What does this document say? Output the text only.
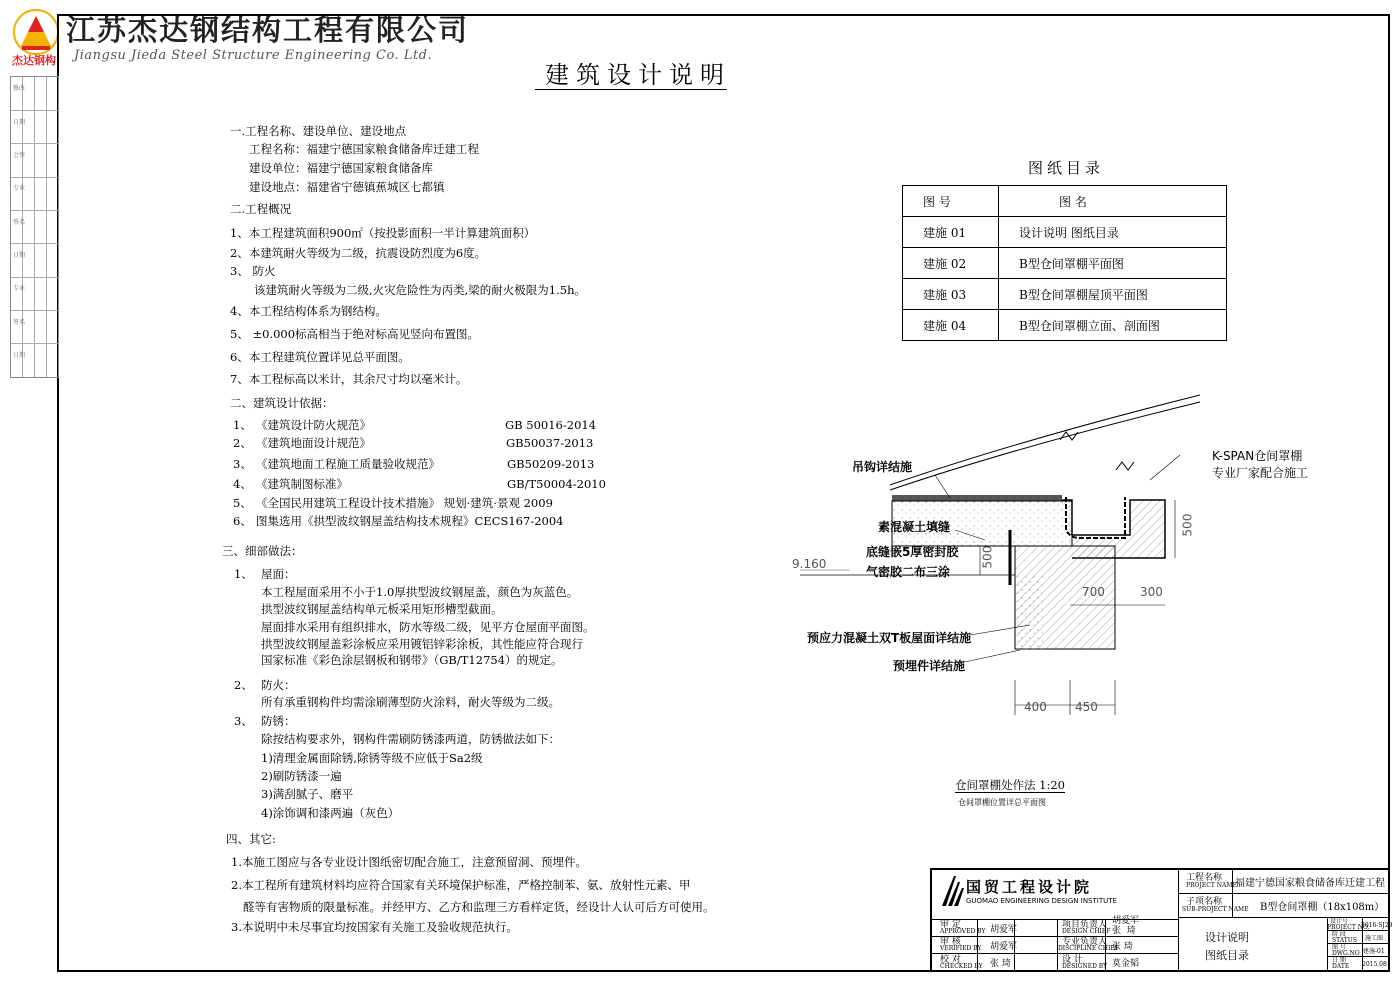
杰达钢构
江苏杰达钢结构工程有限公司
Jiangsu Jieda Steel Structure Engineering Co. Ltd.
修改
日期
会签
专业
签名
日期
专业
签名
日期
建筑设计说明
一.工程名称、建设单位、建设地点
工程名称：福建宁德国家粮食储备库迁建工程
建设单位：福建宁德国家粮食储备库
建设地点：福建省宁德镇蕉城区七都镇
二.工程概况
1、本工程建筑面积900㎡（按投影面积一半计算建筑面积）
2、本建筑耐火等级为二级，抗震设防烈度为6度。
3、 防火
该建筑耐火等级为二级,火灾危险性为丙类,梁的耐火极限为1.5h。
4、本工程结构体系为钢结构。
5、 ±0.000标高相当于绝对标高见竖向布置图。
6、本工程建筑位置详见总平面图。
7、本工程标高以米计，其余尺寸均以毫米计。
二、建筑设计依据：
1、 《建筑设计防火规范》	GB 50016-2014
2、 《建筑地面设计规范》	GB50037-2013
3、 《建筑地面工程施工质量验收规范》	GB50209-2013
4、 《建筑制图标准》	GB/T50004-2010
5、 《全国民用建筑工程设计技术措施》 规划·建筑·景观 2009
6、 图集选用《拱型波纹钢屋盖结构技术规程》CECS167-2004
三、细部做法：
1、 屋面：
本工程屋面采用不小于1.0厚拱型波纹钢屋盖，颜色为灰蓝色。
拱型波纹钢屋盖结构单元板采用矩形槽型截面。
屋面排水采用有组织排水，防水等级二级，见平方仓屋面平面图。
拱型波纹钢屋盖彩涂板应采用镀铝锌彩涂板，其性能应符合现行
国家标准《彩色涂层钢板和钢带》（GB/T12754）的规定。
2、 防火：
所有承重钢构件均需涂刷薄型防火涂料，耐火等级为二级。
3、 防锈：
除按结构要求外，钢构件需刷防锈漆两道，防锈做法如下：
1)清理金属面除锈,除锈等级不应低于Sa2级
2)刷防锈漆一遍
3)满刮腻子、磨平
4)涂饰调和漆两遍（灰色）
四、其它:
1.本施工图应与各专业设计图纸密切配合施工，注意预留洞、预埋件。
2.本工程所有建筑材料均应符合国家有关环境保护标准，严格控制苯、氨、放射性元素、甲
醛等有害物质的限量标准。并经甲方、乙方和监理三方看样定货，经设计人认可后方可使用。
3.本说明中未尽事宜均按国家有关施工及验收规范执行。
图纸目录
图 号	图 名
建施 01	设计说明 图纸目录
建施 02	B型仓间罩棚平面图
建施 03	B型仓间罩棚屋顶平面图
建施 04	B型仓间罩棚立面、剖面图
K-SPAN仓间罩棚
专业厂家配合施工
吊钩详结施
素混凝土填缝
底缝嵌5厚密封胶
气密胶二布三涂
预应力混凝土双T板屋面详结施
预埋件详结施
9.160	500
500
700	300
400 450
仓间罩棚处作法 1:20
仓间罩棚位置详总平面图
国贸工程设计院
GUOMAO ENGINEERING DESIGN INSTITUTE
工程名称
PROJECT NAME
福建宁德国家粮食储备库迁建工程
子项名称
SUB-PROJECT NAME B型仓间罩棚（18x108m）
审 定
APPROVED BY 胡爱军
审 核
VERIFIED BY 胡爱军
校 对
CHECKED BY 张 琦
项目负责人
DESIGN CHIEF
胡爱军
张  琦
专业负责人
DISCIPLINE CHIEF
张 琦
设 计
DESIGNED BY 莫金韬
设计说明
图纸目录
设计号
PROJECT NO.
2016-SJ29
阶 段
STATUS 施工图
图 号
DWG.NO 建施-01
日 期
DATE 2015.08
